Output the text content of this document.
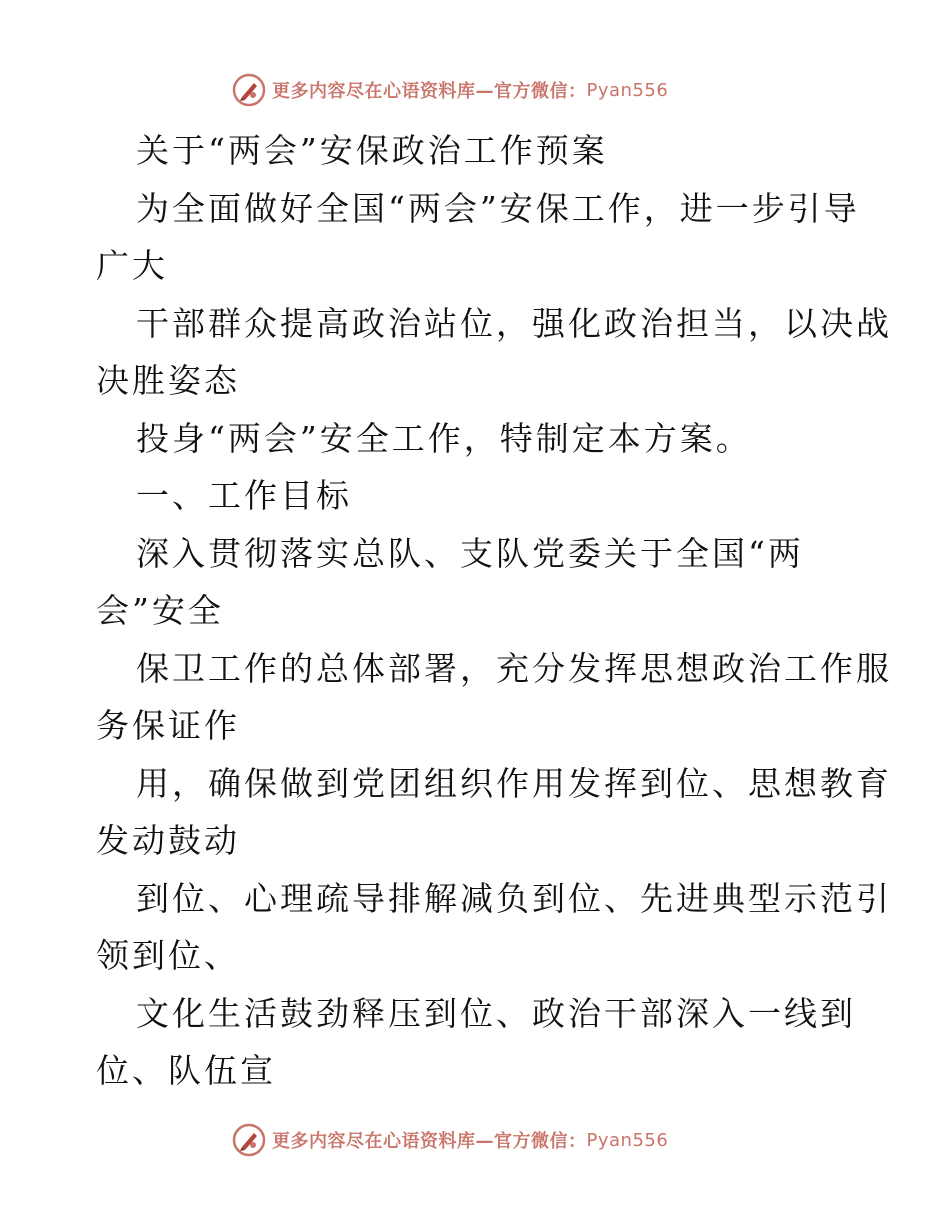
更多内容尽在心语资料库—官方微信： Pyan556
关于“两会”安保政治工作预案
为全面做好全国“两会”安保工作，进一步引导
广大
干部群众提高政治站位，强化政治担当，以决战
决胜姿态
投身“两会”安全工作，特制定本方案。
一、工作目标
深入贯彻落实总队、支队党委关于全国“两
会”安全
保卫工作的总体部署，充分发挥思想政治工作服
务保证作
用，确保做到党团组织作用发挥到位、思想教育
发动鼓动
到位、心理疏导排解减负到位、先进典型示范引
领到位、
文化生活鼓劲释压到位、政治干部深入一线到
位、队伍宣
更多内容尽在心语资料库—官方微信： Pyan556
